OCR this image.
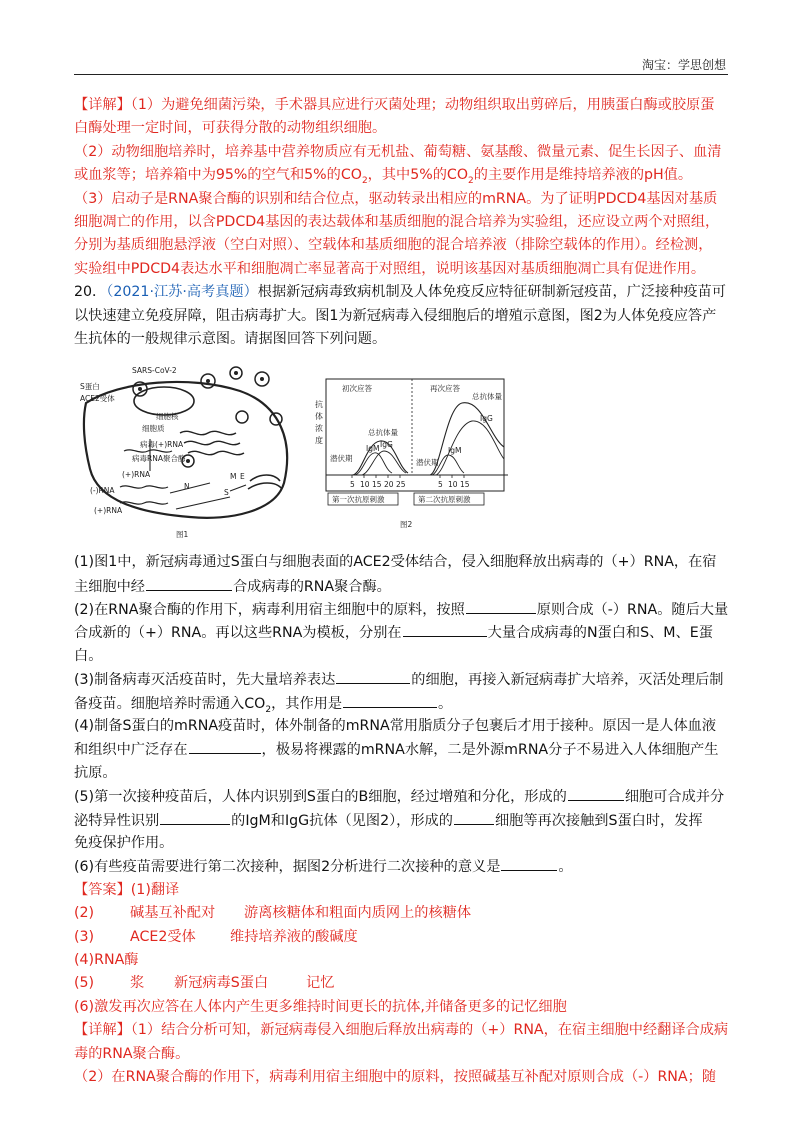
淘宝：学思创想
【详解】（1）为避免细菌污染，手术器具应进行灭菌处理；动物组织取出剪碎后，用胰蛋白酶或胶原蛋
白酶处理一定时间，可获得分散的动物组织细胞。
（2）动物细胞培养时，培养基中营养物质应有无机盐、葡萄糖、氨基酸、微量元素、促生长因子、血清
或血浆等；培养箱中为95%的空气和5%的$CO_2$，其中5%的$CO_2$的主要作用是维持培养液的pH值。
（3）启动子是RNA聚合酶的识别和结合位点，驱动转录出相应的mRNA。为了证明PDCD4基因对基质
细胞凋亡的作用，以含PDCD4基因的表达载体和基质细胞的混合培养为实验组，还应设立两个对照组，
分别为基质细胞悬浮液（空白对照）、空载体和基质细胞的混合培养液（排除空载体的作用）。经检测，
实验组中PDCD4表达水平和细胞凋亡率显著高于对照组，说明该基因对基质细胞凋亡具有促进作用。
20．（2021·江苏·高考真题）根据新冠病毒致病机制及人体免疫反应特征研制新冠疫苗，广泛接种疫苗可
以快速建立免疫屏障，阻击病毒扩大。图1为新冠病毒入侵细胞后的增殖示意图，图2为人体免疫应答产
生抗体的一般规律示意图。请据图回答下列问题。
SARS-CoV-2
S蛋白
ACE2受体
细胞核
细胞质
病毒(+)RNA
病毒RNA聚合酶
(+)RNA
(-)RNA
(+)RNA
N
M E
S
图1
抗
体
浓
度
初次应答	再次应答
总抗体量
总抗体量
潜伏期	潜伏期
IgM IgG
IgM
IgG
5 10 15 20 25	5 10 15
第一次抗原刺激	第二次抗原刺激
图2
(1)图1中，新冠病毒通过S蛋白与细胞表面的ACE2受体结合，侵入细胞释放出病毒的（+）RNA，在宿
主细胞中经	合成病毒的RNA聚合酶。
(2)在RNA聚合酶的作用下，病毒利用宿主细胞中的原料，按照	原则合成（-）RNA。随后大量
合成新的（+）RNA。再以这些RNA为模板，分别在	大量合成病毒的N蛋白和S、M、E蛋
白。
(3)制备病毒灭活疫苗时，先大量培养表达	的细胞，再接入新冠病毒扩大培养，灭活处理后制
备疫苗。细胞培养时需通入$CO_2$，其作用是	。
(4)制备S蛋白的mRNA疫苗时，体外制备的mRNA常用脂质分子包裹后才用于接种。原因一是人体血液
和组织中广泛存在	，极易将裸露的mRNA水解，二是外源mRNA分子不易进入人体细胞产生
抗原。
(5)第一次接种疫苗后，人体内识别到S蛋白的B细胞，经过增殖和分化，形成的	细胞可合成并分
泌特异性识别	的IgM和IgG抗体（见图2），形成的	细胞等再次接触到S蛋白时，发挥
免疫保护作用。
(6)有些疫苗需要进行第二次接种，据图2分析进行二次接种的意义是	。
【答案】(1)翻译
(2)	碱基互补配对 游离核糖体和粗面内质网上的核糖体
(3)	ACE2受体 维持培养液的酸碱度
(4)RNA酶
(5)	浆 新冠病毒S蛋白	记忆
(6)激发再次应答在人体内产生更多维持时间更长的抗体,并储备更多的记忆细胞
【详解】（1）结合分析可知，新冠病毒侵入细胞后释放出病毒的（+）RNA，在宿主细胞中经翻译合成病
毒的RNA聚合酶。
（2）在RNA聚合酶的作用下，病毒利用宿主细胞中的原料，按照碱基互补配对原则合成（-）RNA；随
